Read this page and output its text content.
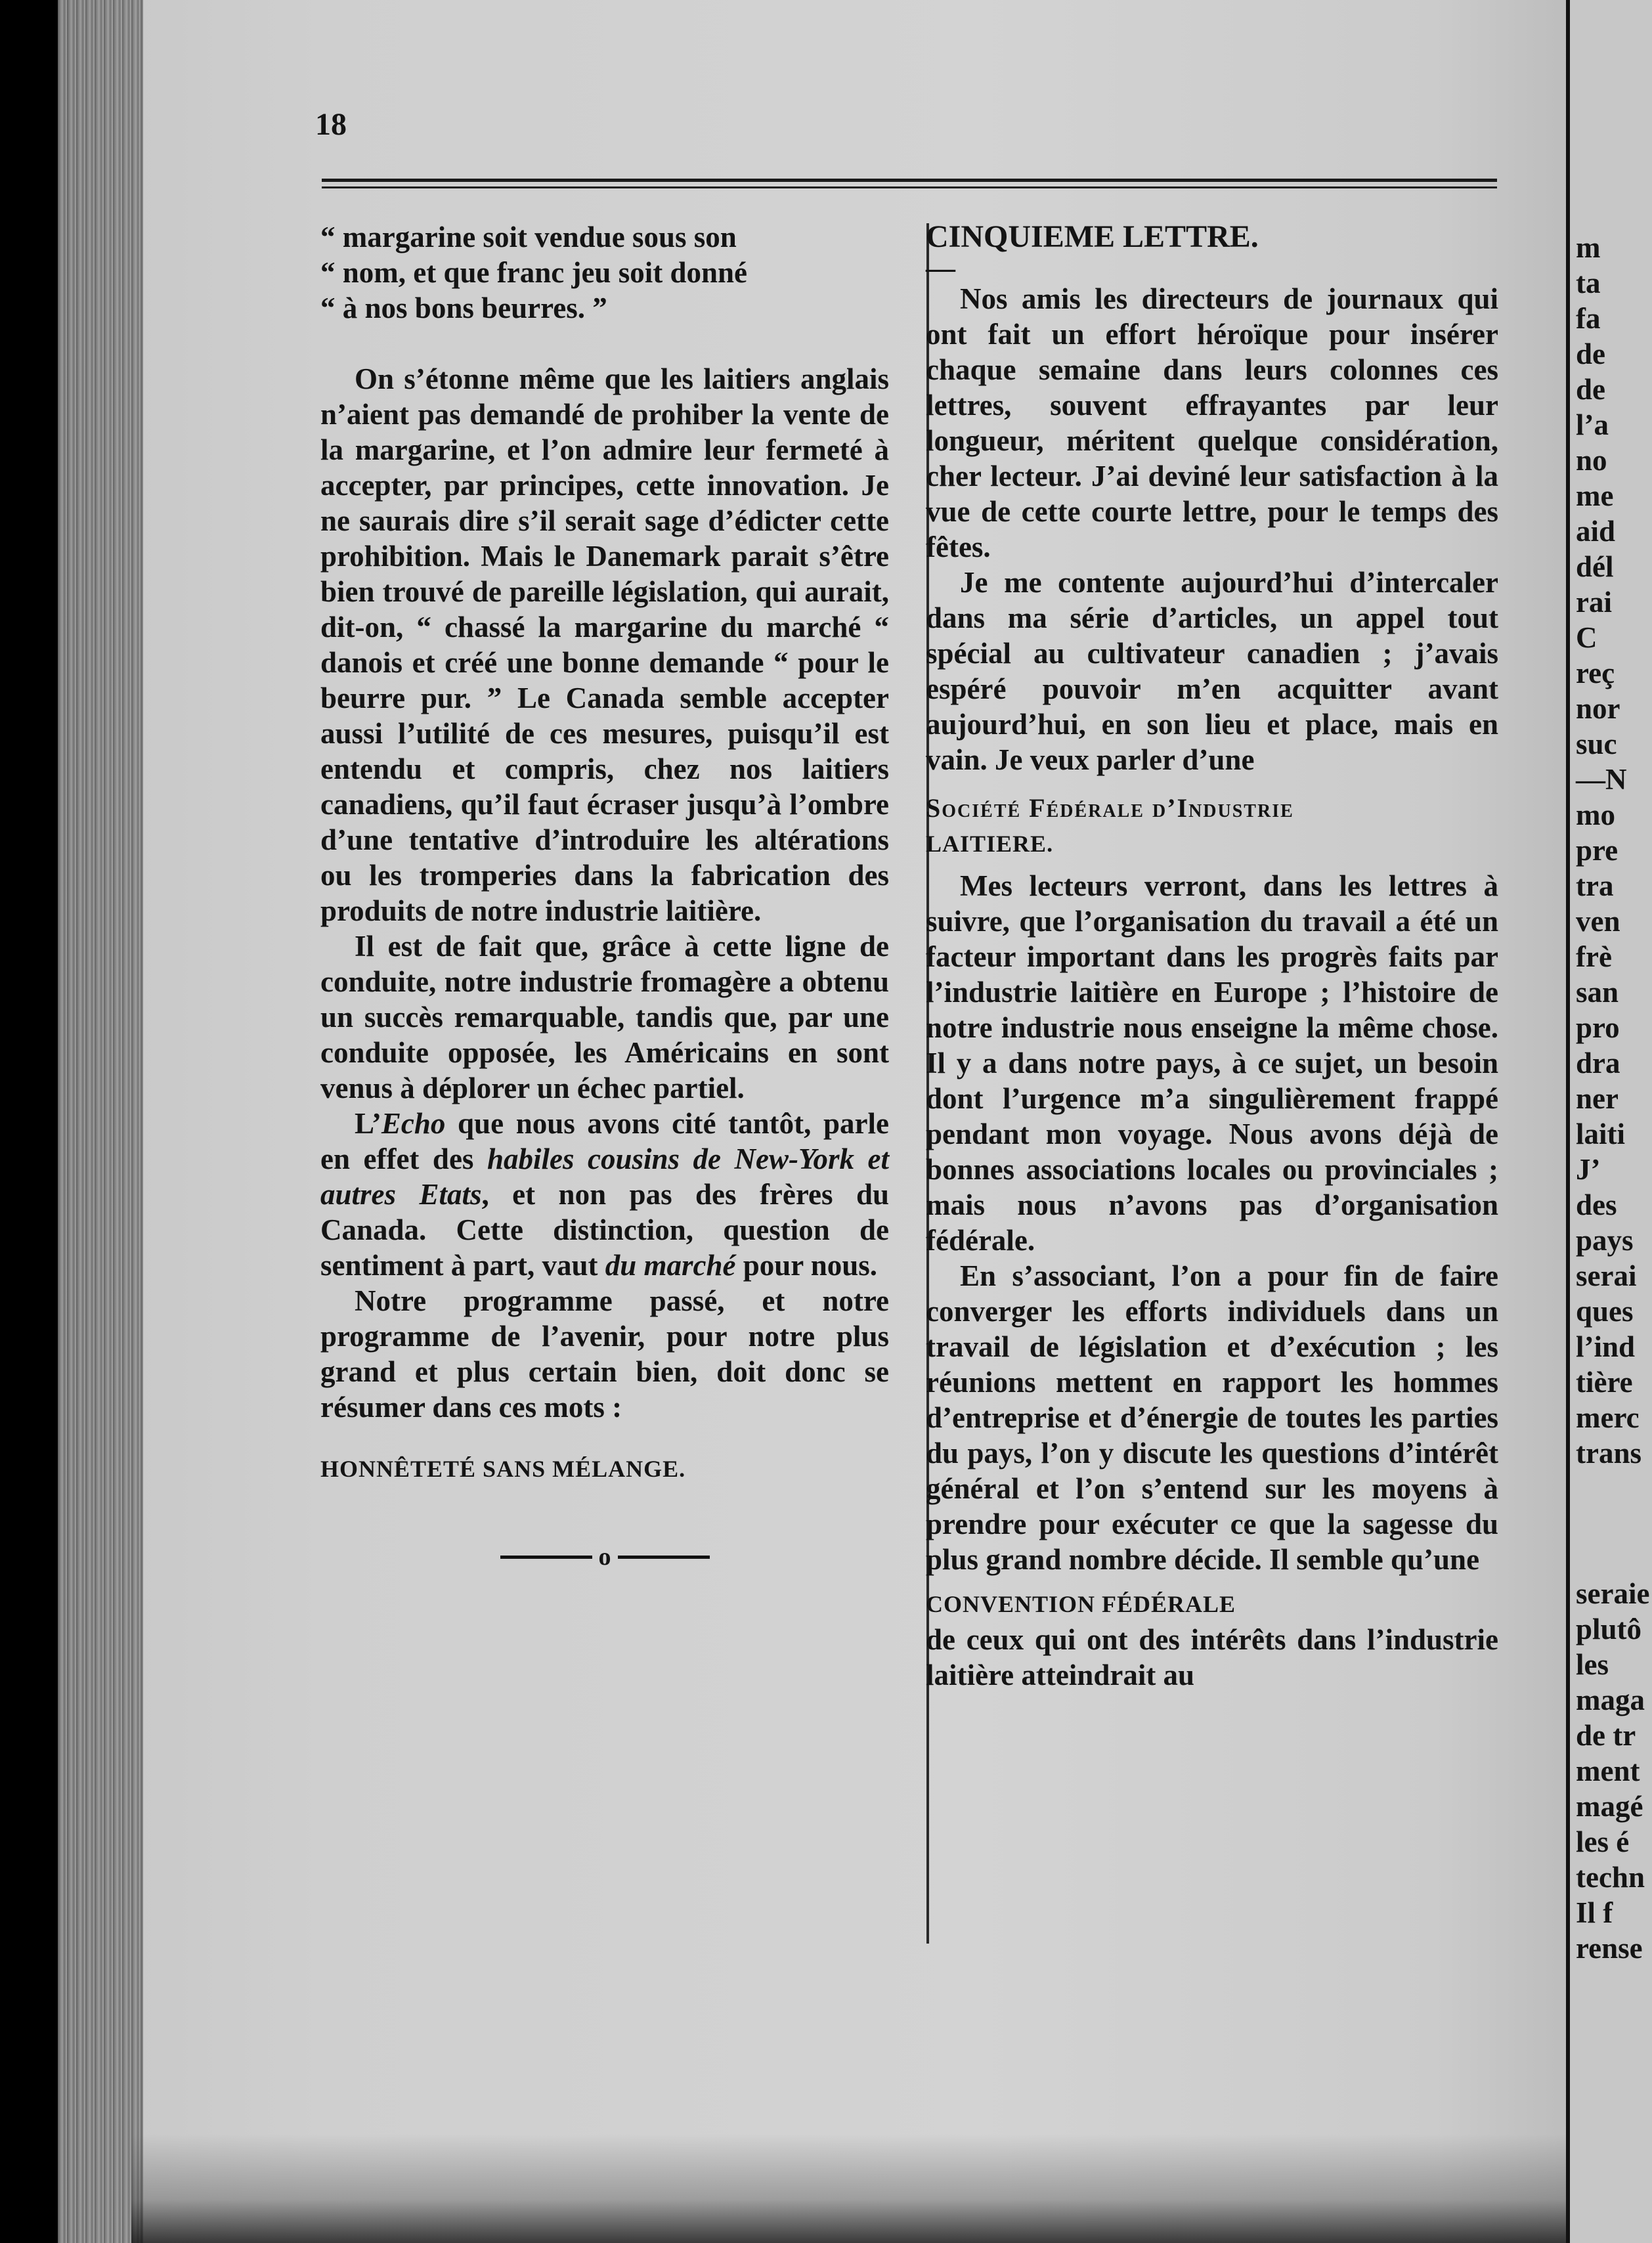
18

“ margarine soit vendue sous son

“ nom, et que franc jeu soit donné

“ à nos bons beurres. ”

On s’étonne même que les laitiers anglais n’aient pas demandé de prohiber la vente de la margarine, et l’on admire leur fermeté à accepter, par principes, cette innovation. Je ne saurais dire s’il serait sage d’édicter cette prohibition. Mais le Danemark parait s’être bien trouvé de pareille législation, qui aurait, dit-on, “ chassé la margarine du marché “ danois et créé une bonne demande “ pour le beurre pur. ” Le Canada semble accepter aussi l’utilité de ces mesures, puisqu’il est entendu et compris, chez nos laitiers canadiens, qu’il faut écraser jusqu’à l’ombre d’une tentative d’introduire les altérations ou les tromperies dans la fabrication des produits de notre industrie laitière.

Il est de fait que, grâce à cette ligne de conduite, notre industrie fromagère a obtenu un succès remarquable, tandis que, par une conduite opposée, les Américains en sont venus à déplorer un échec partiel.

L’Echo que nous avons cité tantôt, parle en effet des habiles cousins de New-York et autres Etats, et non pas des frères du Canada. Cette distinction, question de sentiment à part, vaut du marché pour nous.

Notre programme passé, et notre programme de l’avenir, pour notre plus grand et plus certain bien, doit donc se résumer dans ces mots :

HONNÊTETÉ SANS MÉLANGE.

o

CINQUIEME LETTRE.

—

Nos amis les directeurs de journaux qui ont fait un effort héroïque pour insérer chaque semaine dans leurs colonnes ces lettres, souvent effrayantes par leur longueur, méritent quelque considération, cher lecteur. J’ai deviné leur satisfaction à la vue de cette courte lettre, pour le temps des fêtes.

Je me contente aujourd’hui d’intercaler dans ma série d’articles, un appel tout spécial au cultivateur canadien ; j’avais espéré pouvoir m’en acquitter avant aujourd’hui, en son lieu et place, mais en vain. Je veux parler d’une

Société Fédérale d’Industrie

LAITIERE.

Mes lecteurs verront, dans les lettres à suivre, que l’organisation du travail a été un facteur important dans les progrès faits par l’industrie laitière en Europe ; l’histoire de notre industrie nous enseigne la même chose. Il y a dans notre pays, à ce sujet, un besoin dont l’urgence m’a singulièrement frappé pendant mon voyage. Nous avons déjà de bonnes associations locales ou provinciales ; mais nous n’avons pas d’organisation fédérale.

En s’associant, l’on a pour fin de faire converger les efforts individuels dans un travail de législation et d’exécution ; les réunions mettent en rapport les hommes d’entreprise et d’énergie de toutes les parties du pays, l’on y discute les questions d’intérêt général et l’on s’entend sur les moyens à prendre pour exécuter ce que la sagesse du plus grand nombre décide. Il semble qu’une

CONVENTION FÉDÉRALE

de ceux qui ont des intérêts dans l’industrie laitière atteindrait au

m
ta
fa
de
de
l’a
no
me
aid
dél
rai
C
reç
nor
suc
—N
mo
pre
tra
ven
frè
san
pro
dra
ner
laiti
J’
des
pays
serai
ques
l’ind
tière
merc
trans
seraie
plutô
les
maga
de tr
ment
magé
les é
techn
Il f
rense
